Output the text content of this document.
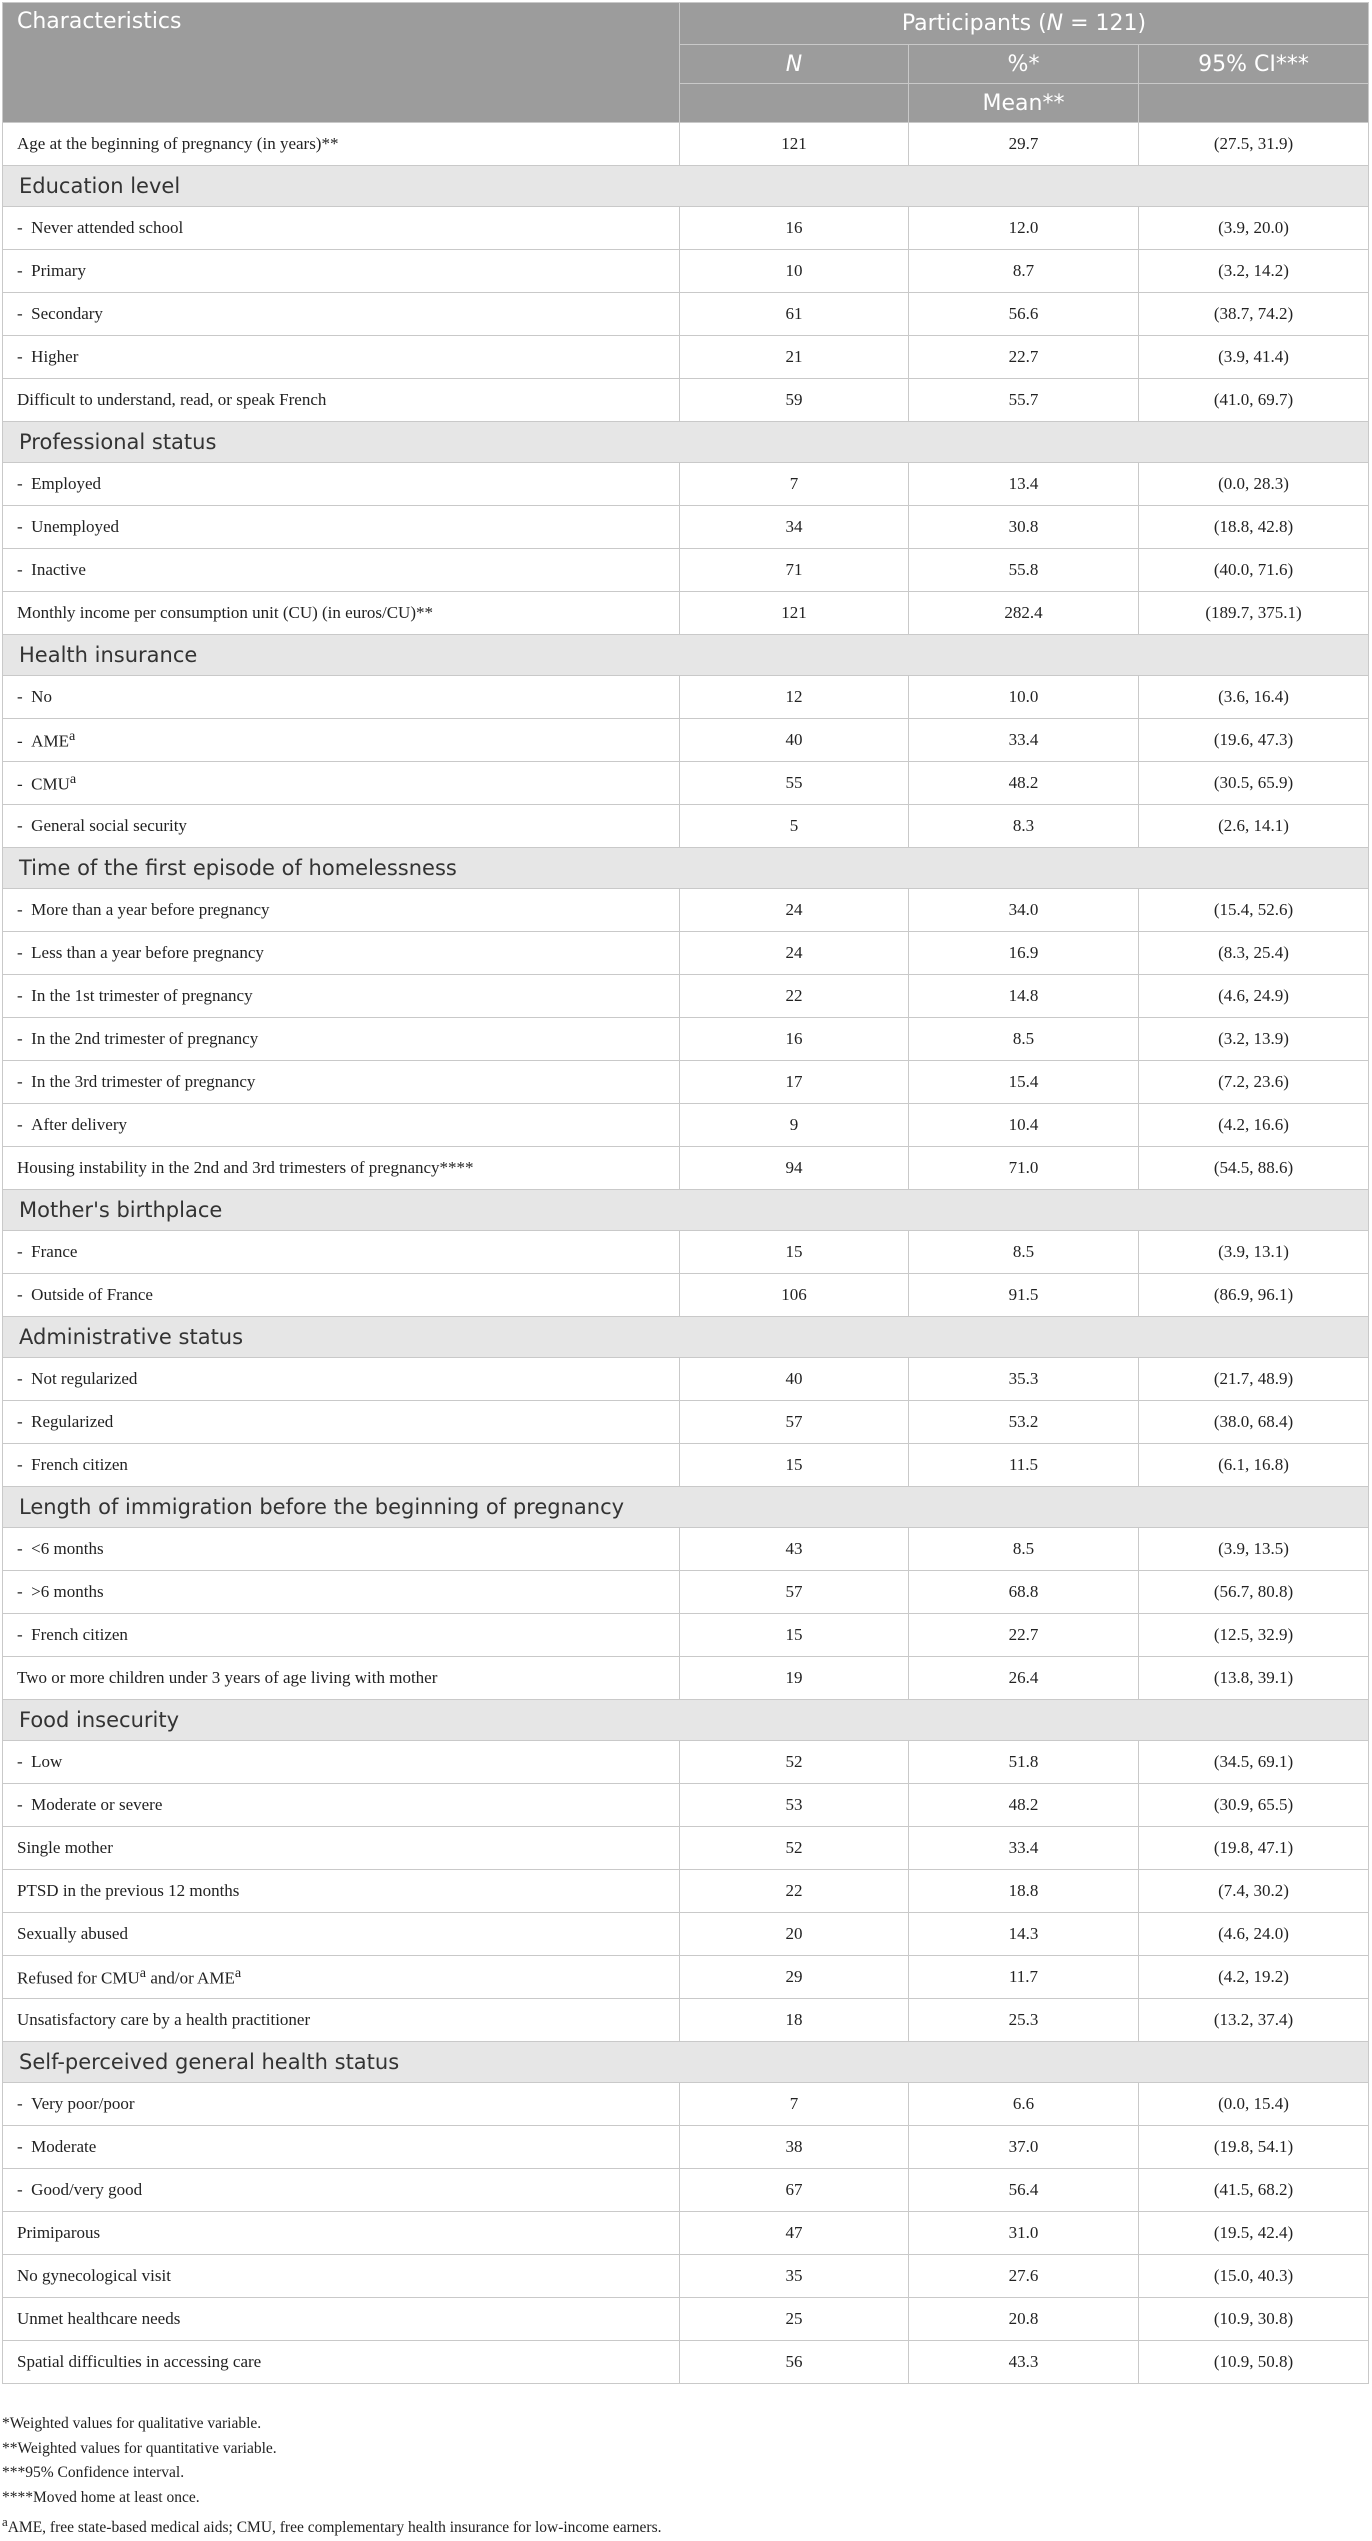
Characteristics	Participants (N = 121)		
	N	%*	95% CI***
		Mean**	
Age at the beginning of pregnancy (in years)**	121	29.7	(27.5, 31.9)
Education level			
-  Never attended school	16	12.0	(3.9, 20.0)
-  Primary	10	8.7	(3.2, 14.2)
-  Secondary	61	56.6	(38.7, 74.2)
-  Higher	21	22.7	(3.9, 41.4)
Difficult to understand, read, or speak French	59	55.7	(41.0, 69.7)
Professional status			
-  Employed	7	13.4	(0.0, 28.3)
-  Unemployed	34	30.8	(18.8, 42.8)
-  Inactive	71	55.8	(40.0, 71.6)
Monthly income per consumption unit (CU) (in euros/CU)**	121	282.4	(189.7, 375.1)
Health insurance			
-  No	12	10.0	(3.6, 16.4)
-  AME$^a$	40	33.4	(19.6, 47.3)
-  CMU$^a$	55	48.2	(30.5, 65.9)
-  General social security	5	8.3	(2.6, 14.1)
Time of the first episode of homelessness			
-  More than a year before pregnancy	24	34.0	(15.4, 52.6)
-  Less than a year before pregnancy	24	16.9	(8.3, 25.4)
-  In the 1st trimester of pregnancy	22	14.8	(4.6, 24.9)
-  In the 2nd trimester of pregnancy	16	8.5	(3.2, 13.9)
-  In the 3rd trimester of pregnancy	17	15.4	(7.2, 23.6)
-  After delivery	9	10.4	(4.2, 16.6)
Housing instability in the 2nd and 3rd trimesters of pregnancy****	94	71.0	(54.5, 88.6)
Mother's birthplace			
-  France	15	8.5	(3.9, 13.1)
-  Outside of France	106	91.5	(86.9, 96.1)
Administrative status			
-  Not regularized	40	35.3	(21.7, 48.9)
-  Regularized	57	53.2	(38.0, 68.4)
-  French citizen	15	11.5	(6.1, 16.8)
Length of immigration before the beginning of pregnancy			
-  <6 months	43	8.5	(3.9, 13.5)
-  >6 months	57	68.8	(56.7, 80.8)
-  French citizen	15	22.7	(12.5, 32.9)
Two or more children under 3 years of age living with mother	19	26.4	(13.8, 39.1)
Food insecurity			
-  Low	52	51.8	(34.5, 69.1)
-  Moderate or severe	53	48.2	(30.9, 65.5)
Single mother	52	33.4	(19.8, 47.1)
PTSD in the previous 12 months	22	18.8	(7.4, 30.2)
Sexually abused	20	14.3	(4.6, 24.0)
Refused for CMU$^a$ and/or AME$^a$	29	11.7	(4.2, 19.2)
Unsatisfactory care by a health practitioner	18	25.3	(13.2, 37.4)
Self-perceived general health status			
-  Very poor/poor	7	6.6	(0.0, 15.4)
-  Moderate	38	37.0	(19.8, 54.1)
-  Good/very good	67	56.4	(41.5, 68.2)
Primiparous	47	31.0	(19.5, 42.4)
No gynecological visit	35	27.6	(15.0, 40.3)
Unmet healthcare needs	25	20.8	(10.9, 30.8)
Spatial difficulties in accessing care	56	43.3	(10.9, 50.8)
*Weighted values for qualitative variable.
**Weighted values for quantitative variable.
***95% Confidence interval.
****Moved home at least once.
$^a$AME, free state-based medical aids; CMU, free complementary health insurance for low-income earners.
